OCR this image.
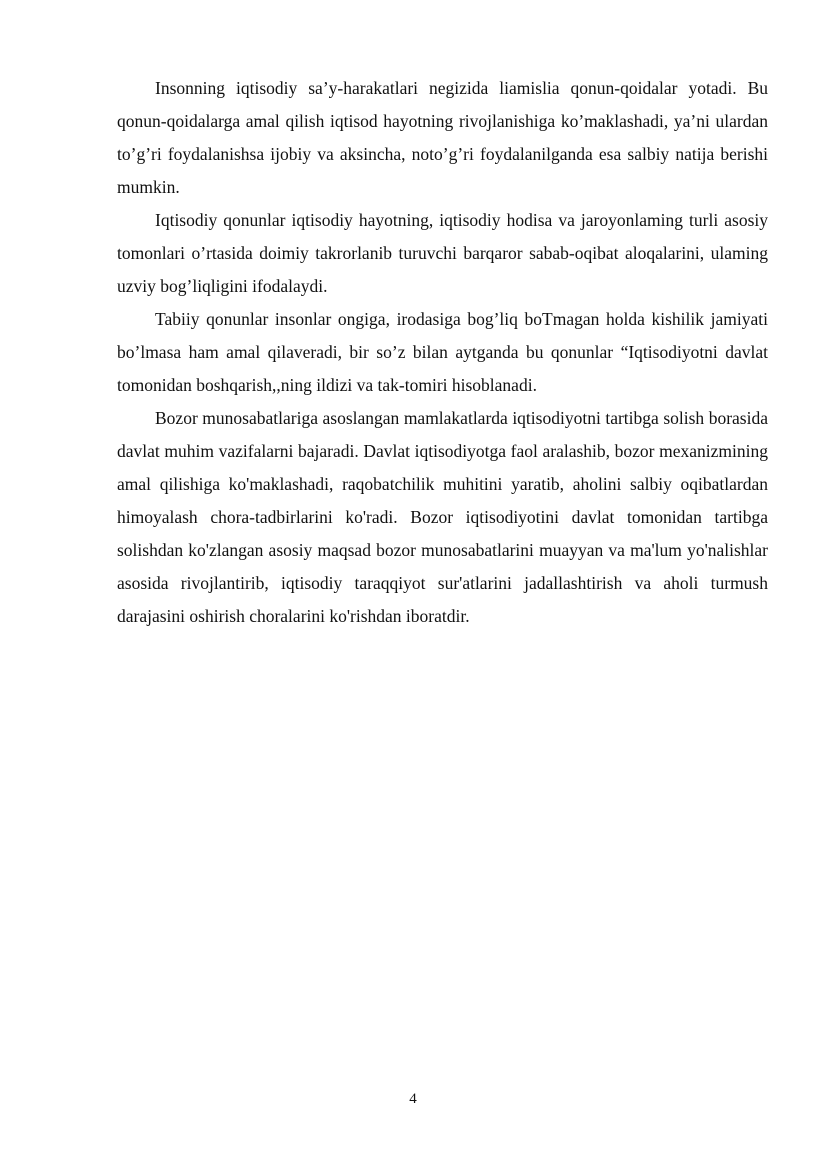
Insonning iqtisodiy sa’y-harakatlari negizida liamislia qonun-qoidalar yotadi. Bu qonun-qoidalarga amal qilish iqtisod hayotning rivojlanishiga ko’maklashadi, ya’ni ulardan to’g’ri foydalanishsa ijobiy va aksincha, noto’g’ri foydalanilganda esa salbiy natija berishi mumkin.

Iqtisodiy qonunlar iqtisodiy hayotning, iqtisodiy hodisa va jaroyonlaming turli asosiy tomonlari o’rtasida doimiy takrorlanib turuvchi barqaror sabab-oqibat aloqalarini, ulaming uzviy bog’liqligini ifodalaydi.

Tabiiy qonunlar insonlar ongiga, irodasiga bog’liq boTmagan holda kishilik jamiyati bo’lmasa ham amal qilaveradi, bir so’z bilan aytganda bu qonunlar “Iqtisodiyotni davlat tomonidan boshqarish,,ning ildizi va tak-tomiri hisoblanadi.

Bozor munosabatlariga asoslangan mamlakatlarda iqtisodiyotni tartibga solish borasida davlat muhim vazifalarni bajaradi. Davlat iqtisodiyotga faol aralashib, bozor mexanizmining amal qilishiga ko'maklashadi, raqobatchilik muhitini yaratib, aholini salbiy oqibatlardan himoyalash chora-tadbirlarini ko'radi. Bozor iqtisodiyotini davlat tomonidan tartibga solishdan ko'zlangan asosiy maqsad bozor munosabatlarini muayyan va ma'lum yo'nalishlar asosida rivojlantirib, iqtisodiy taraqqiyot sur'atlarini jadallashtirish va aholi turmush darajasini oshirish choralarini ko'rishdan iboratdir.

4
